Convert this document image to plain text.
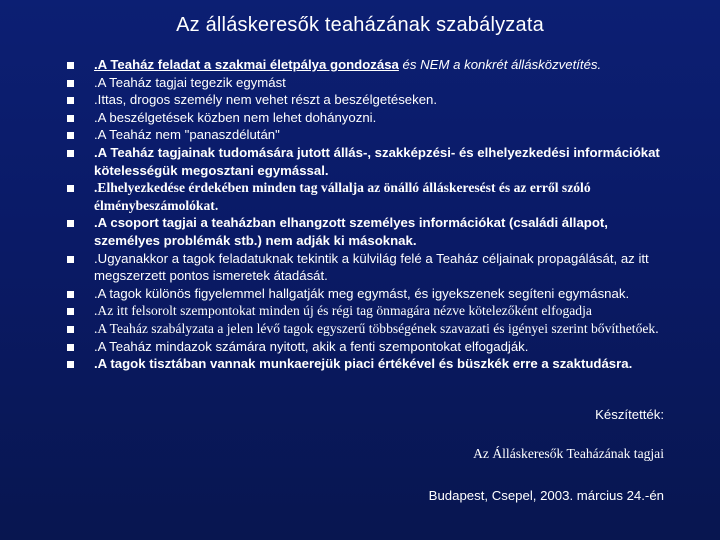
Az álláskeresők teaházának szabályzata
.A Teaház feladat a szakmai életpálya gondozása és NEM a konkrét állásközvetítés.
.A Teaház tagjai tegezik egymást
.Ittas, drogos személy nem vehet részt a beszélgetéseken.
.A beszélgetések közben nem lehet dohányozni.
.A Teaház nem "panaszdélután"
.A Teaház tagjainak tudomására jutott állás-, szakképzési- és elhelyezkedési információkat kötelességük megosztani egymással.
.Elhelyezkedése érdekében minden tag vállalja az önálló álláskeresést és az erről szóló élménybeszámolókat.
.A csoport tagjai a teaházban elhangzott személyes információkat (családi állapot, személyes problémák stb.) nem adják ki másoknak.
.Ugyanakkor a tagok feladatuknak tekintik a külvilág felé a Teaház céljainak propagálását, az itt megszerzett pontos ismeretek átadását.
.A tagok különös figyelemmel hallgatják meg egymást, és igyekszenek segíteni egymásnak.
.Az itt felsorolt szempontokat minden új és régi tag önmagára nézve kötelezőként elfogadja
.A Teaház szabályzata a jelen lévő tagok egyszerű többségének szavazati és igényei szerint bővíthetőek.
.A Teaház mindazok számára nyitott, akik a fenti szempontokat elfogadják.
.A tagok tisztában vannak munkaerejük piaci értékével és büszkék erre a szaktudásra.
Készítették:
Az Álláskeresők Teaházának tagjai
Budapest, Csepel, 2003. március 24.-én
